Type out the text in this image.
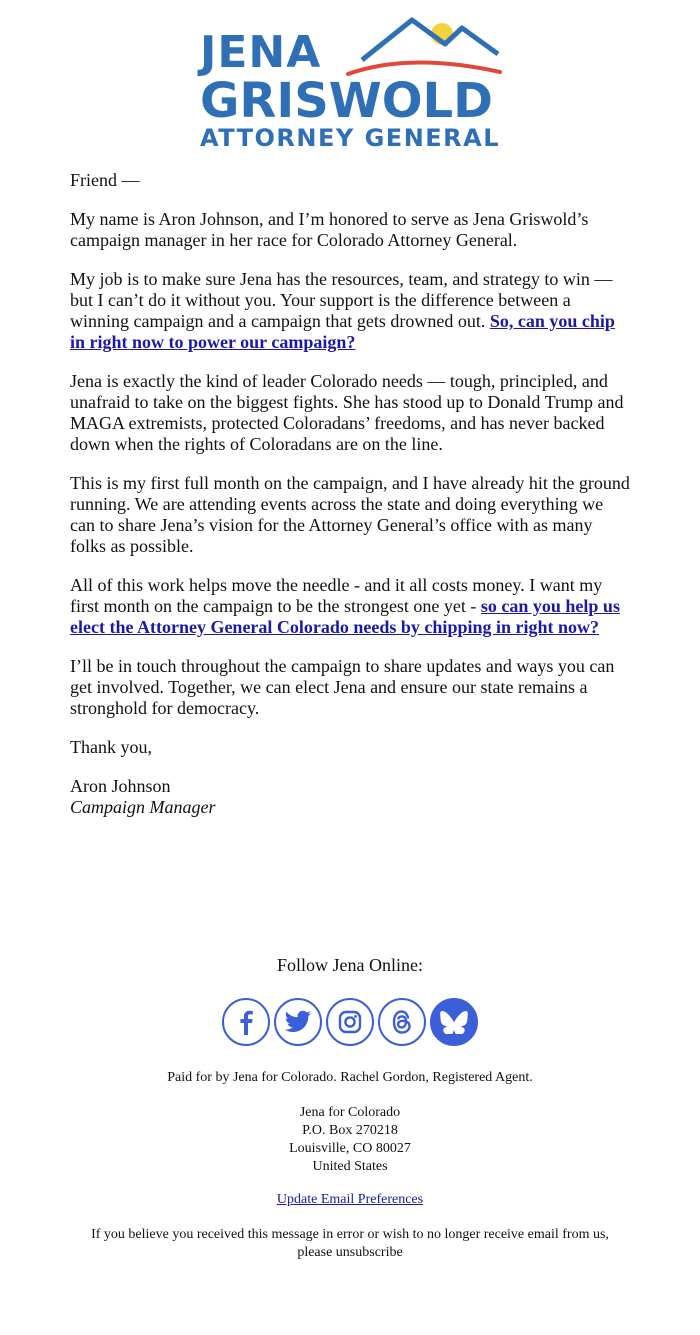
JENA
GRISWOLD
ATTORNEY GENERAL

Friend —

My name is Aron Johnson, and I’m honored to serve as Jena Griswold’s campaign manager in her race for Colorado Attorney General.

My job is to make sure Jena has the resources, team, and strategy to win — but I can’t do it without you. Your support is the difference between a winning campaign and a campaign that gets drowned out. So, can you chip in right now to power our campaign?

Jena is exactly the kind of leader Colorado needs — tough, principled, and unafraid to take on the biggest fights. She has stood up to Donald Trump and MAGA extremists, protected Coloradans’ freedoms, and has never backed down when the rights of Coloradans are on the line.

This is my first full month on the campaign, and I have already hit the ground running. We are attending events across the state and doing everything we can to share Jena’s vision for the Attorney General’s office with as many folks as possible.

All of this work helps move the needle - and it all costs money. I want my first month on the campaign to be the strongest one yet - so can you help us elect the Attorney General Colorado needs by chipping in right now?

I’ll be in touch throughout the campaign to share updates and ways you can get involved. Together, we can elect Jena and ensure our state remains a stronghold for democracy.

Thank you,

Aron Johnson

Campaign Manager

Follow Jena Online:
Paid for by Jena for Colorado. Rachel Gordon, Registered Agent.
Jena for Colorado
P.O. Box 270218
Louisville, CO 80027
United States
Update Email Preferences
If you believe you received this message in error or wish to no longer receive email from us, please unsubscribe
